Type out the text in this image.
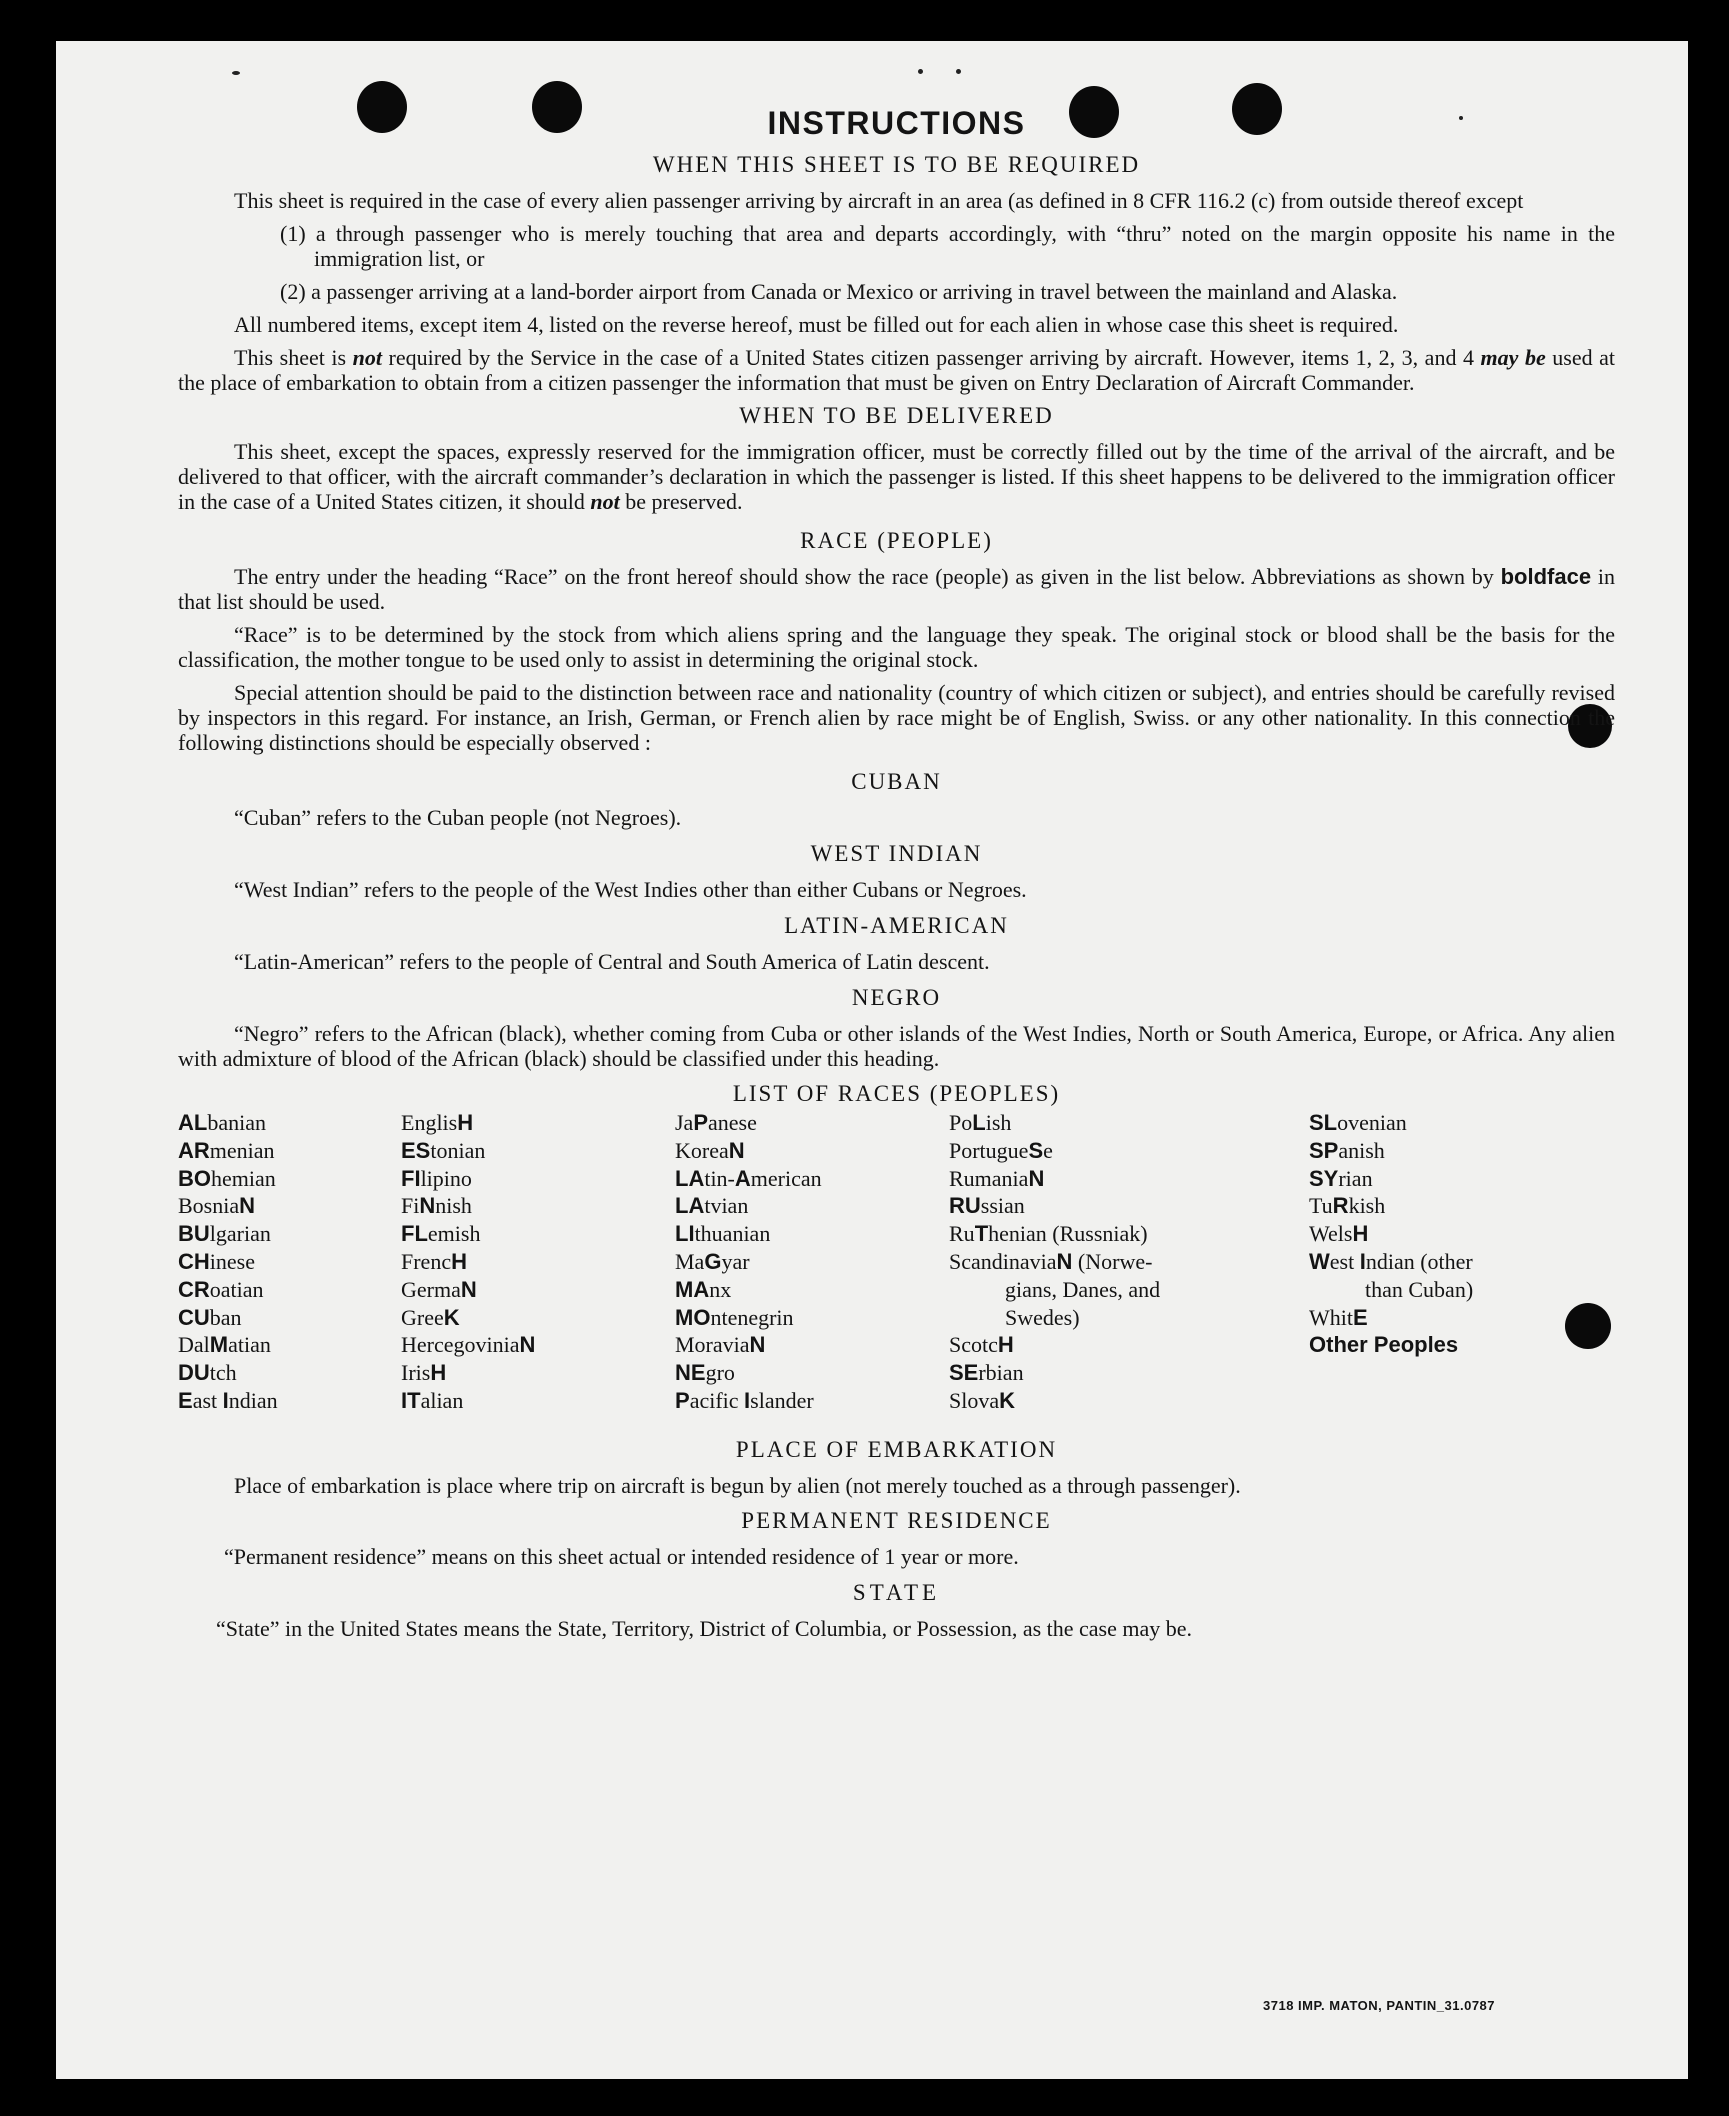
INSTRUCTIONS
WHEN THIS SHEET IS TO BE REQUIRED
This sheet is required in the case of every alien passenger arriving by aircraft in an area (as defined in 8 CFR 116.2 (c) from outside thereof except
(1) a through passenger who is merely touching that area and departs accordingly, with “thru” noted on the margin opposite his name in the immigration list, or
(2) a passenger arriving at a land-border airport from Canada or Mexico or arriving in travel between the mainland and Alaska.
All numbered items, except item 4, listed on the reverse hereof, must be filled out for each alien in whose case this sheet is required.
This sheet is not required by the Service in the case of a United States citizen passenger arriving by aircraft. However, items 1, 2, 3, and 4 may be used at the place of embarkation to obtain from a citizen passenger the information that must be given on Entry Declaration of Aircraft Commander.
WHEN TO BE DELIVERED
This sheet, except the spaces, expressly reserved for the immigration officer, must be correctly filled out by the time of the arrival of the aircraft, and be delivered to that officer, with the aircraft commander’s declaration in which the passenger is listed. If this sheet happens to be delivered to the immigration officer in the case of a United States citizen, it should not be preserved.
RACE (PEOPLE)
The entry under the heading “Race” on the front hereof should show the race (people) as given in the list below. Abbreviations as shown by boldface in that list should be used.
“Race” is to be determined by the stock from which aliens spring and the language they speak. The original stock or blood shall be the basis for the classification, the mother tongue to be used only to assist in determining the original stock.
Special attention should be paid to the distinction between race and nationality (country of which citizen or subject), and entries should be carefully revised by inspectors in this regard. For instance, an Irish, German, or French alien by race might be of English, Swiss. or any other nationality. In this connection the following distinctions should be especially observed :
CUBAN
“Cuban” refers to the Cuban people (not Negroes).
WEST INDIAN
“West Indian” refers to the people of the West Indies other than either Cubans or Negroes.
LATIN-AMERICAN
“Latin-American” refers to the people of Central and South America of Latin descent.
NEGRO
“Negro” refers to the African (black), whether coming from Cuba or other islands of the West Indies, North or South America, Europe, or Africa. Any alien with admixture of blood of the African (black) should be classified under this heading.
LIST OF RACES (PEOPLES)
ALbanian
ARmenian
BOhemian
BosniaN
BUlgarian
CHinese
CRoatian
CUban
DalMatian
DUtch
East Indian
EnglisH
EStonian
FIlipino
FiNnish
FLemish
FrencH
GermaN
GreeK
HercegoviniaN
IrisH
ITalian
JaPanese
KoreaN
LAtin-American
LAtvian
LIthuanian
MaGyar
MAnx
MOntenegrin
MoraviaN
NEgro
Pacific Islander
PoLish
PortugueSe
RumaniaN
RUssian
RuThenian (Russniak)
ScandinaviaN (Norwe-
gians, Danes, and
Swedes)
ScotcH
SErbian
SlovaK
SLovenian
SPanish
SYrian
TuRkish
WelsH
West Indian (other
than Cuban)
WhitE
Other Peoples
PLACE OF EMBARKATION
Place of embarkation is place where trip on aircraft is begun by alien (not merely touched as a through passenger).
PERMANENT RESIDENCE
“Permanent residence” means on this sheet actual or intended residence of 1 year or more.
STATE
“State” in the United States means the State, Territory, District of Columbia, or Possession, as the case may be.
3718 IMP. MATON, PANTIN_31.0787
